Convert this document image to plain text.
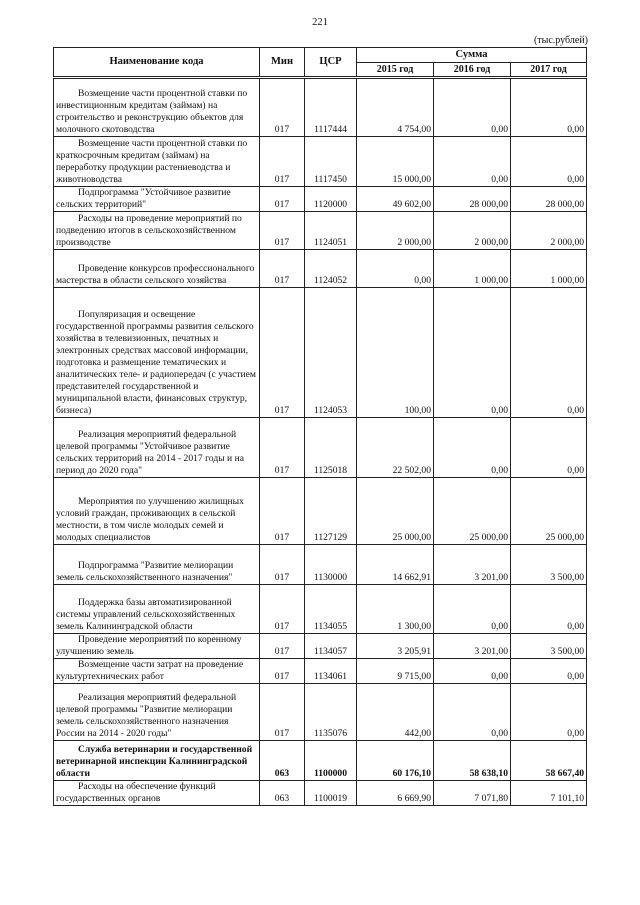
221
(тыс.рублей)
Наименование кода	Мин	ЦСР	Сумма		
			2015 год	2016 год	2017 год

Возмещение части процентной ставки по инвестиционным кредитам (займам) на строительство и реконструкцию объектов для молочного скотоводства	017	1117444	4 754,00	0,00	0,00

Возмещение части процентной ставки по краткосрочным кредитам (займам) на переработку продукции растениеводства и животноводства	017	1117450	15 000,00	0,00	0,00

Подпрограмма "Устойчивое развитие сельских территорий"	017	1120000	49 602,00	28 000,00	28 000,00

Расходы на проведение мероприятий по подведению итогов в сельскохозяйственном производстве	017	1124051	2 000,00	2 000,00	2 000,00

Проведение конкурсов профессионального мастерства в области сельского хозяйства	017	1124052	0,00	1 000,00	1 000,00

Популяризация и освещение государственной программы развития сельского хозяйства в телевизионных, печатных и электронных средствах массовой информации, подготовка и размещение тематических и аналитических теле- и радиопередач (с участием представителей государственной и муниципальной власти, финансовых структур, бизнеса)	017	1124053	100,00	0,00	0,00

Реализация мероприятий федеральной целевой программы "Устойчивое развитие сельских территорий на 2014 - 2017 годы и на период до 2020 года"	017	1125018	22 502,00	0,00	0,00

Мероприятия по улучшению жилищных условий граждан, проживающих в сельской местности, в том числе молодых семей и молодых специалистов	017	1127129	25 000,00	25 000,00	25 000,00

Подпрограмма "Развитие мелиорации земель сельскохозяйственного назначения"	017	1130000	14 662,91	3 201,00	3 500,00

Поддержка базы автоматизированной системы управлений сельскохозяйственных земель Калининградской области	017	1134055	1 300,00	0,00	0,00

Проведение мероприятий по коренному улучшению земель	017	1134057	3 205,91	3 201,00	3 500,00

Возмещение части затрат на проведение культуртехнических работ	017	1134061	9 715,00	0,00	0,00

Реализация мероприятий федеральной целевой программы "Развитие мелиорации земель сельскохозяйственного назначения России на 2014 - 2020 годы"	017	1135076	442,00	0,00	0,00

Служба ветеринарии и государственной ветеринарной инспекции Калининградской области	063	1100000	60 176,10	58 638,10	58 667,40

Расходы на обеспечение функций государственных органов	063	1100019	6 669,90	7 071,80	7 101,10
